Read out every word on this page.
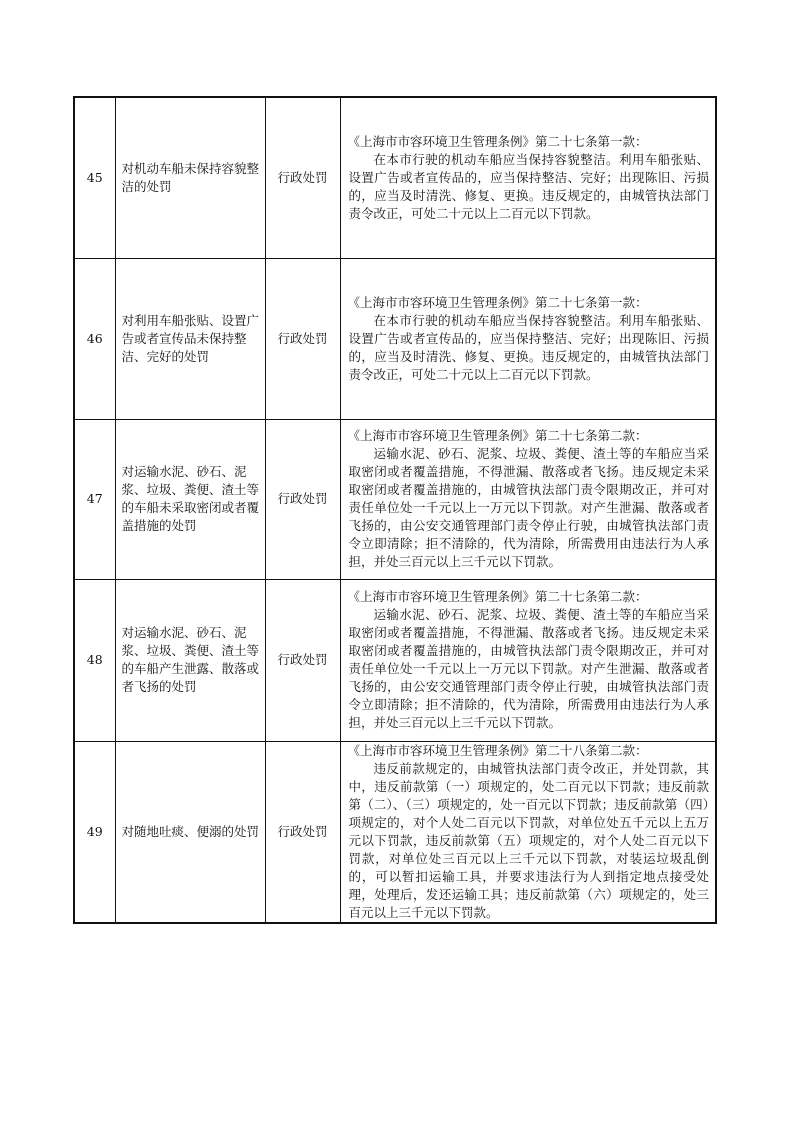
45	对机动车船未保持容貌整洁的处罚	行政处罚	《上海市市容环境卫生管理条例》第二十七条第一款：
在本市行驶的机动车船应当保持容貌整洁。利用车船张贴、设置广告或者宣传品的，应当保持整洁、完好；出现陈旧、污损的，应当及时清洗、修复、更换。违反规定的，由城管执法部门责令改正，可处二十元以上二百元以下罚款。

46	对利用车船张贴、设置广告或者宣传品未保持整洁、完好的处罚	行政处罚	《上海市市容环境卫生管理条例》第二十七条第一款：
在本市行驶的机动车船应当保持容貌整洁。利用车船张贴、设置广告或者宣传品的，应当保持整洁、完好；出现陈旧、污损的，应当及时清洗、修复、更换。违反规定的，由城管执法部门责令改正，可处二十元以上二百元以下罚款。

47	对运输水泥、砂石、泥浆、垃圾、粪便、渣土等的车船未采取密闭或者覆盖措施的处罚	行政处罚	《上海市市容环境卫生管理条例》第二十七条第二款：
运输水泥、砂石、泥浆、垃圾、粪便、渣土等的车船应当采取密闭或者覆盖措施，不得泄漏、散落或者飞扬。违反规定未采取密闭或者覆盖措施的，由城管执法部门责令限期改正，并可对责任单位处一千元以上一万元以下罚款。对产生泄漏、散落或者飞扬的，由公安交通管理部门责令停止行驶，由城管执法部门责令立即清除；拒不清除的，代为清除，所需费用由违法行为人承担，并处三百元以上三千元以下罚款。

48	对运输水泥、砂石、泥浆、垃圾、粪便、渣土等的车船产生泄露、散落或者飞扬的处罚	行政处罚	《上海市市容环境卫生管理条例》第二十七条第二款：
运输水泥、砂石、泥浆、垃圾、粪便、渣土等的车船应当采取密闭或者覆盖措施，不得泄漏、散落或者飞扬。违反规定未采取密闭或者覆盖措施的，由城管执法部门责令限期改正，并可对责任单位处一千元以上一万元以下罚款。对产生泄漏、散落或者飞扬的，由公安交通管理部门责令停止行驶，由城管执法部门责令立即清除；拒不清除的，代为清除，所需费用由违法行为人承担，并处三百元以上三千元以下罚款。

49	对随地吐痰、便溺的处罚	行政处罚	《上海市市容环境卫生管理条例》第二十八条第二款：
违反前款规定的，由城管执法部门责令改正，并处罚款，其中，违反前款第（一）项规定的，处二百元以下罚款；违反前款第（二）、（三）项规定的，处一百元以下罚款；违反前款第（四）项规定的，对个人处二百元以下罚款，对单位处五千元以上五万元以下罚款，违反前款第（五）项规定的，对个人处二百元以下罚款，对单位处三百元以上三千元以下罚款，对装运垃圾乱倒的，可以暂扣运输工具，并要求违法行为人到指定地点接受处理，处理后，发还运输工具；违反前款第（六）项规定的，处三百元以上三千元以下罚款。
